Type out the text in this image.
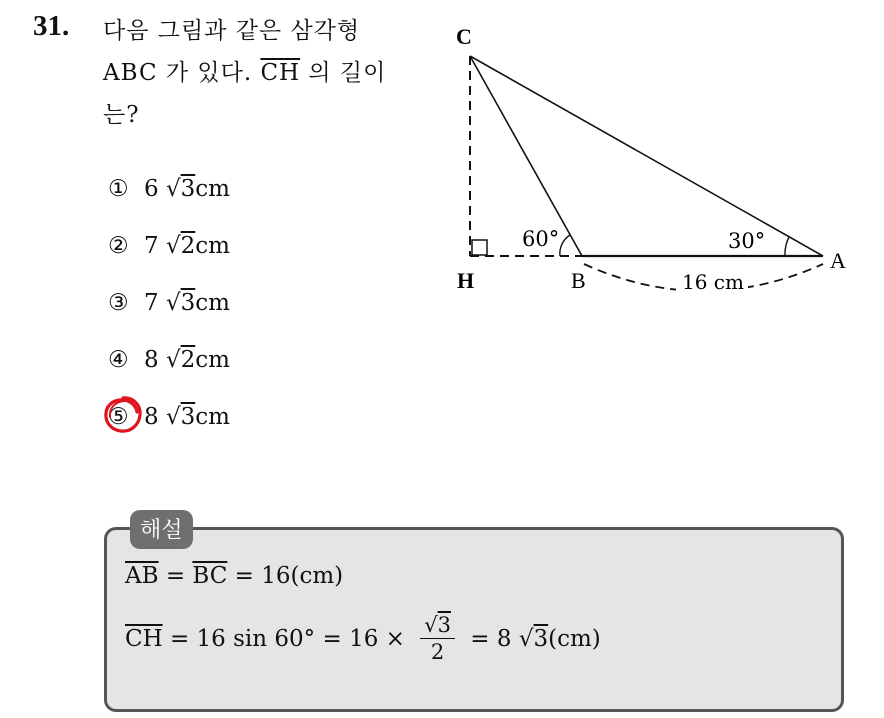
31. 다음 그림과 같은 삼각형
ABC 가 있다. $\overline{CH}$ 의 길이
는?
① 6 √3cm
② 7 √2cm
③ 7 √3cm
④ 8 √2cm
⑤ 8 √3cm
C
H	B
A
60°	30°
16 cm
해설
$\overline{AB} = \overline{BC} = 16(cm)$
$\overline{CH} = 16$ $\sin 60^\circ = 16 \times \frac{√3}{2} = 8$ √ 3 (cm)
